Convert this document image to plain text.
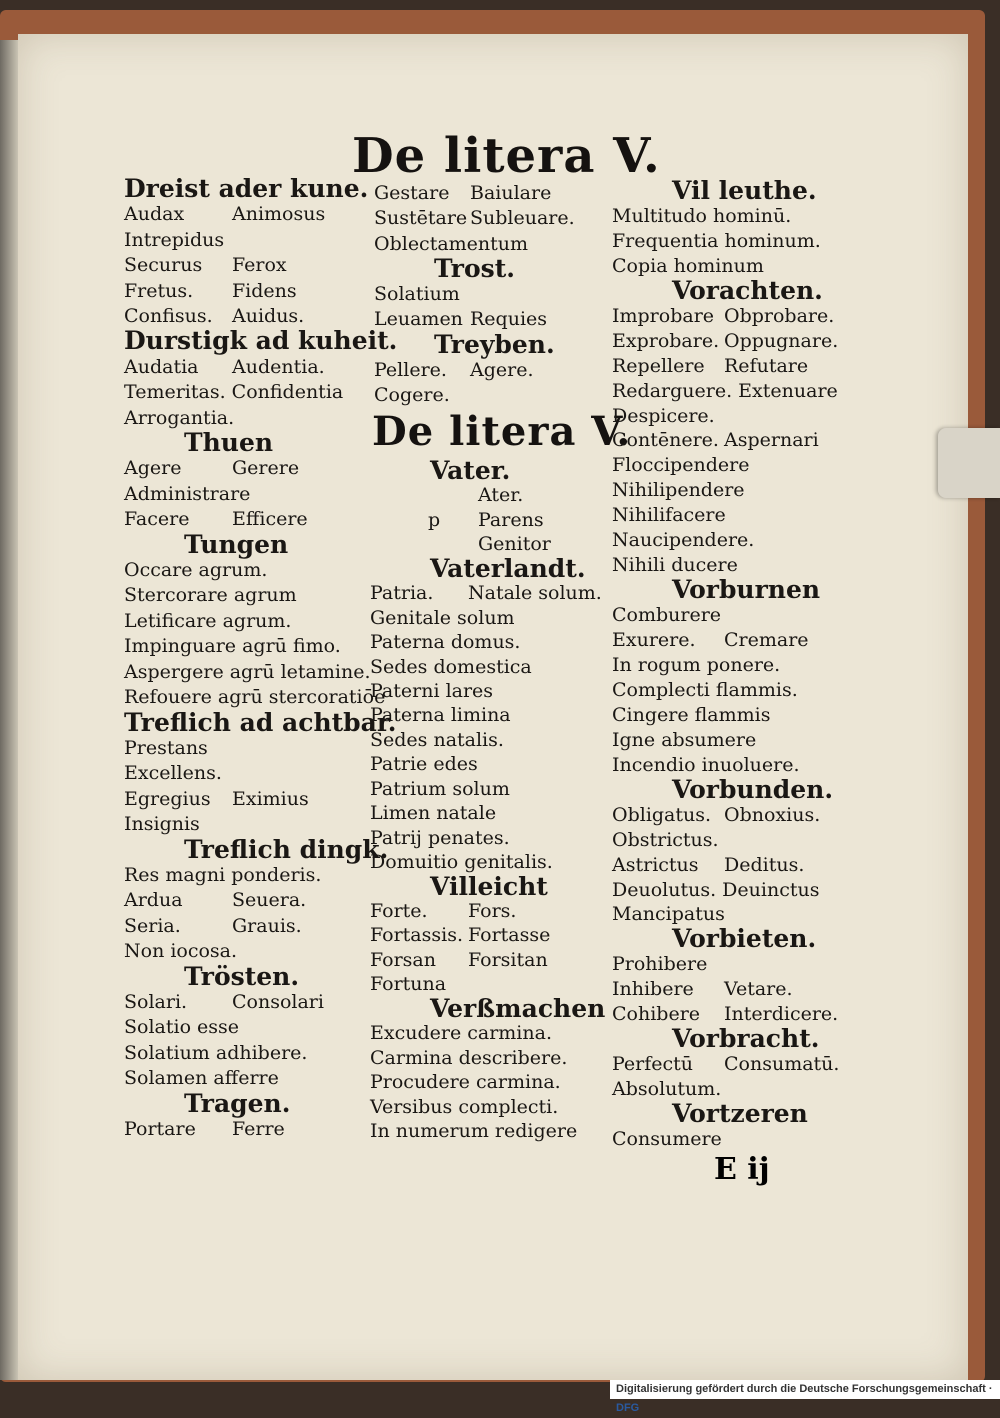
De litera V.
De litera V.
Dreist ader kune.
Audax	Animosus
Intrepidus
Securus Ferox
Fretus. Fidens
Confisus. Auidus.
Durstigk ad kuheit.
Audatia Audentia.
Temeritas. Confidentia
Arrogantia.
Thuen
Agere	Gerere
Administrare
Facere Efficere
Tungen
Occare agrum.
Stercorare agrum
Letificare agrum.
Impinguare agrū fimo.
Aspergere agrū letamine.
Refouere agrū stercoratiōe
Treflich ad achtbar.
Prestans
Excellens.
Egregius Eximius
Insignis
Treflich dingk.
Res magni ponderis.
Ardua	Seuera.
Seria.	Grauis.
Non iocosa.
Trösten.
Solari. Consolari
Solatio esse
Solatium adhibere.
Solamen afferre
Tragen.
Portare Ferre
Gestare Baiulare
Sustētare Subleuare.
Oblectamentum
Trost.
Solatium
Leuamen Requies
Treyben.
Pellere. Agere.
Cogere.
Vater.
Ater.
p Parens
Genitor
Vaterlandt.
Patria. Natale solum.
Genitale solum
Paterna domus.
Sedes domestica
Paterni lares
Paterna limina
Sedes natalis.
Patrie edes
Patrium solum
Limen natale
Patrij penates.
Domuitio genitalis.
Villeicht
Forte. Fors.
Fortassis. Fortasse
Forsan Forsitan
Fortuna
Verßmachen
Excudere carmina.
Carmina describere.
Procudere carmina.
Versibus complecti.
In numerum redigere
Vil leuthe.
Multitudo hominū.
Frequentia hominum.
Copia hominum
Vorachten.
Improbare Obprobare.
Exprobare. Oppugnare.
Repellere Refutare
Redarguere. Extenuare
Despicere.
Contēnere. Aspernari
Floccipendere
Nihilipendere
Nihilifacere
Naucipendere.
Nihili ducere
Vorburnen
Comburere
Exurere. Cremare
In rogum ponere.
Complecti flammis.
Cingere flammis
Igne absumere
Incendio inuoluere.
Vorbunden.
Obligatus. Obnoxius.
Obstrictus.
Astrictus Deditus.
Deuolutus. Deuinctus
Mancipatus
Vorbieten.
Prohibere
Inhibere Vetare.
Cohibere Interdicere.
Vorbracht.
Perfectū Consumatū.
Absolutum.
Vortzeren
Consumere
E ij
Digitalisierung gefördert durch die Deutsche Forschungsgemeinschaft · DFG
